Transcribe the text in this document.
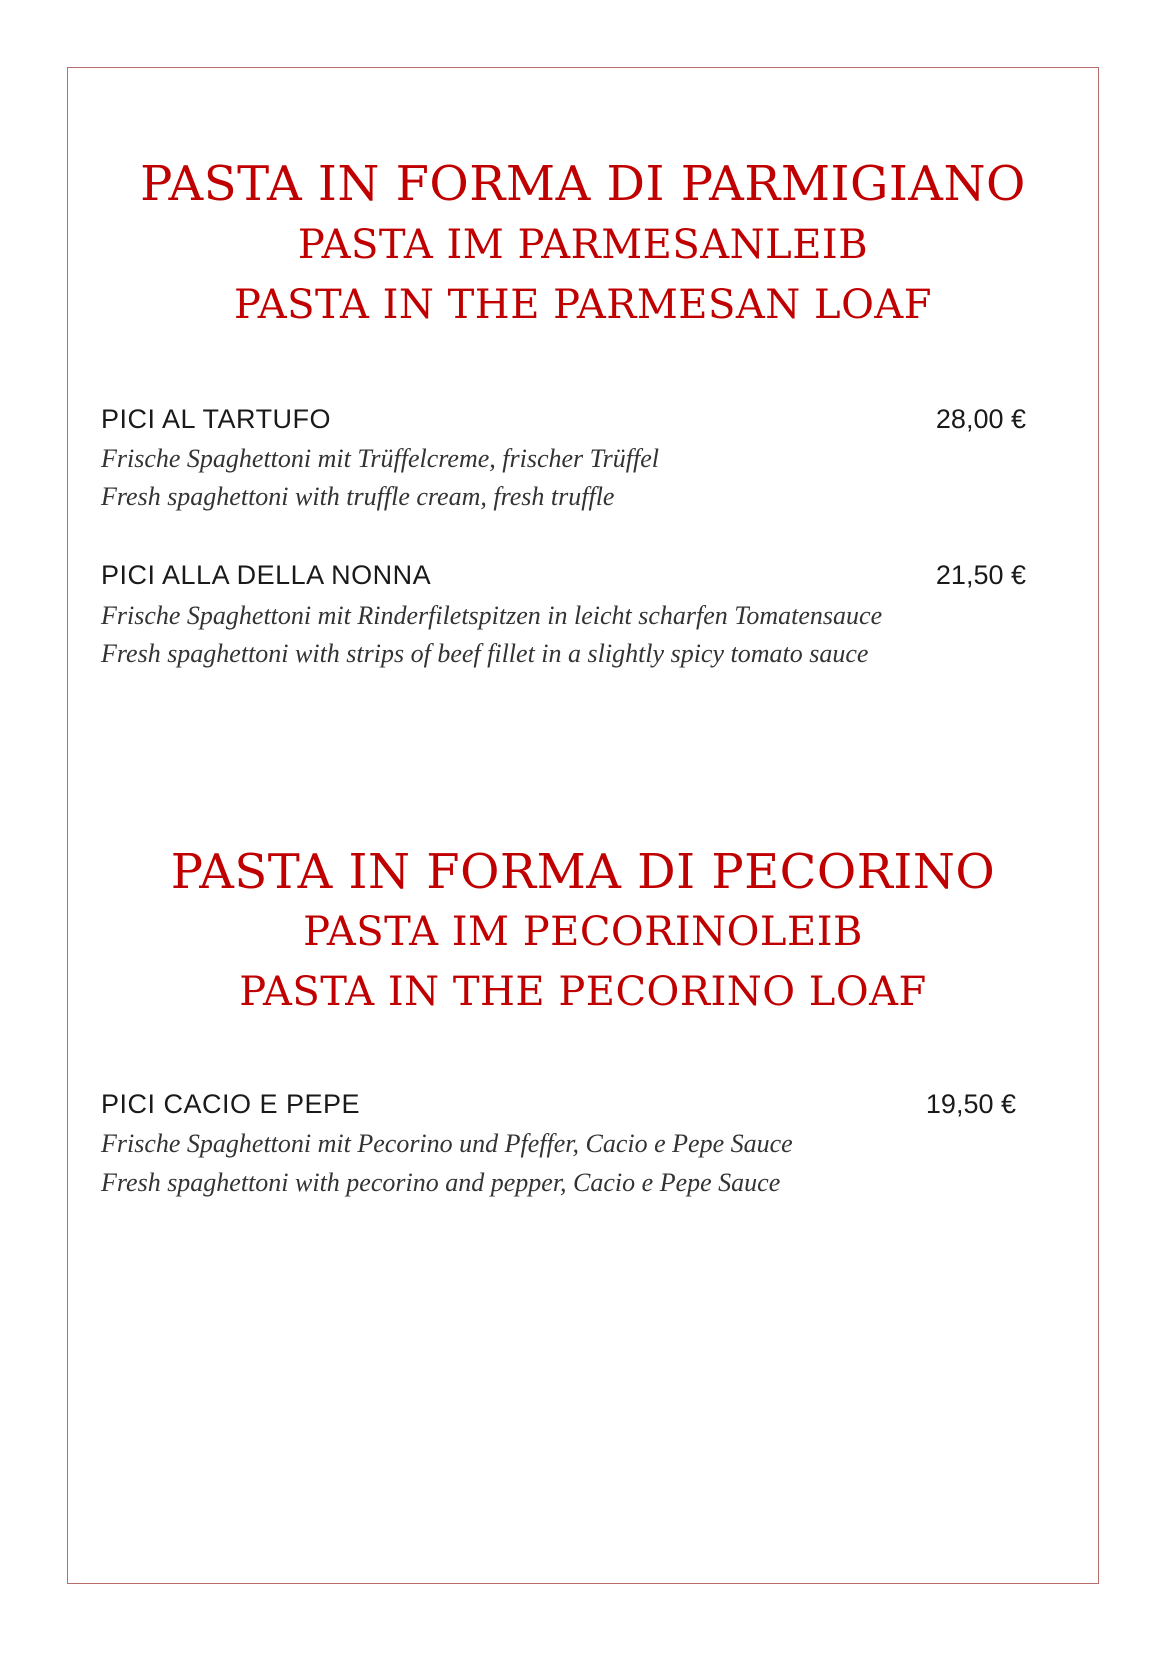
PASTA IN FORMA DI PARMIGIANO
PASTA IM PARMESANLEIB
PASTA IN THE PARMESAN LOAF
PICI AL TARTUFO	28,00 €
Frische Spaghettoni mit Trüffelcreme, frischer Trüffel
Fresh spaghettoni with truffle cream, fresh truffle
PICI ALLA DELLA NONNA	21,50 €
Frische Spaghettoni mit Rinderfiletspitzen in leicht scharfen Tomatensauce
Fresh spaghettoni with strips of beef fillet in a slightly spicy tomato sauce
PASTA IN FORMA DI PECORINO
PASTA IM PECORINOLEIB
PASTA IN THE PECORINO LOAF
PICI CACIO E PEPE	19,50 €
Frische Spaghettoni mit Pecorino und Pfeffer, Cacio e Pepe Sauce
Fresh spaghettoni with pecorino and pepper, Cacio e Pepe Sauce
